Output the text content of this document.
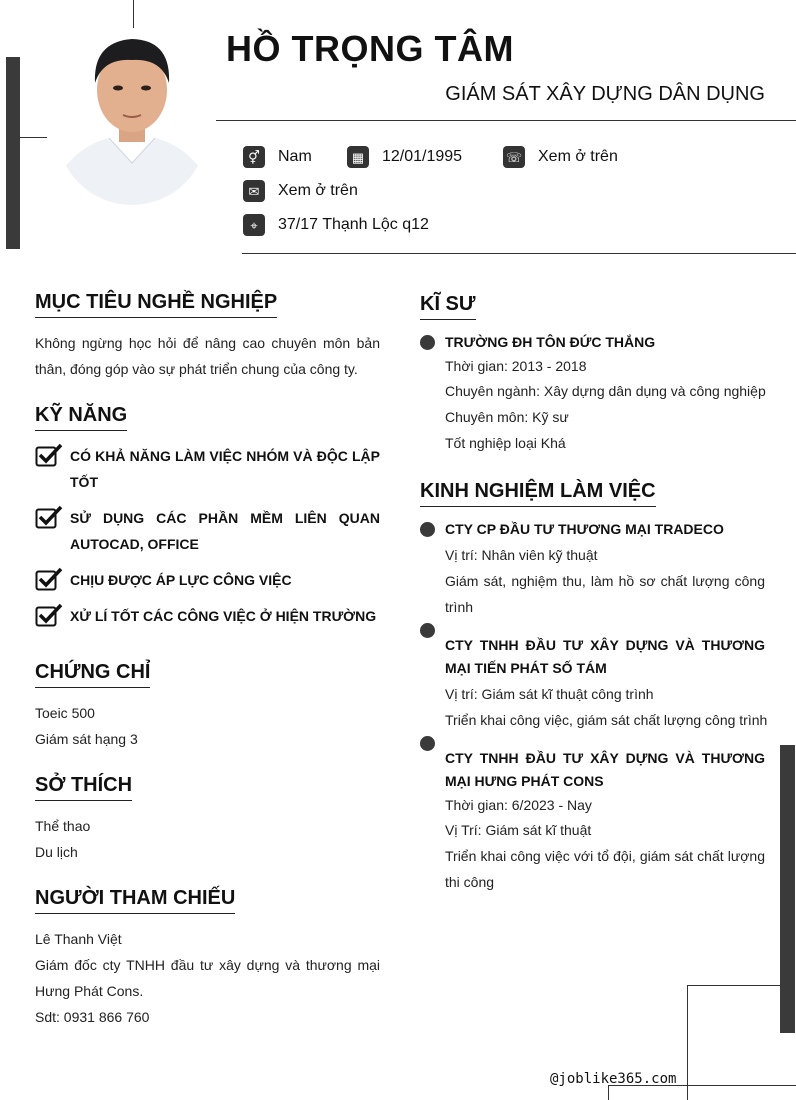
HỒ TRỌNG TÂM
GIÁM SÁT XÂY DỰNG DÂN DỤNG
⚥	Nam	▦	12/01/1995	☏ Xem ở trên
✉	Xem ở trên
⌖	37/17 Thạnh Lộc q12
MỤC TIÊU NGHỀ NGHIỆP
Không ngừng học hỏi để nâng cao chuyên môn bản thân, đóng góp vào sự phát triển chung của công ty.
KỸ NĂNG
CÓ KHẢ NĂNG LÀM VIỆC NHÓM VÀ ĐỘC LẬP TỐT
SỬ DỤNG CÁC PHẦN MỀM LIÊN QUAN AUTOCAD, OFFICE
CHỊU ĐƯỢC ÁP LỰC CÔNG VIỆC
XỬ LÍ TỐT CÁC CÔNG VIỆC Ở HIỆN TRƯỜNG
CHỨNG CHỈ
Toeic 500
Giám sát hạng 3
SỞ THÍCH
Thể thao
Du lịch
NGƯỜI THAM CHIẾU
Lê Thanh Việt
Giám đốc cty TNHH đầu tư xây dựng và thương mại Hưng Phát Cons.
Sdt: 0931 866 760
KĨ SƯ
TRƯỜNG ĐH TÔN ĐỨC THẮNG
Thời gian: 2013 - 2018
Chuyên ngành: Xây dựng dân dụng và công nghiệp
Chuyên môn: Kỹ sư
Tốt nghiệp loại Khá
KINH NGHIỆM LÀM VIỆC
CTY CP ĐẦU TƯ THƯƠNG MẠI TRADECO
Vị trí: Nhân viên kỹ thuật
Giám sát, nghiệm thu, làm hồ sơ chất lượng công trình
CTY TNHH ĐẦU TƯ XÂY DỰNG VÀ THƯƠNG MẠI TIẾN PHÁT SỐ TÁM
Vị trí: Giám sát kĩ thuật công trình
Triển khai công việc, giám sát chất lượng công trình
CTY TNHH ĐẦU TƯ XÂY DỰNG VÀ THƯƠNG MẠI HƯNG PHÁT CONS
Thời gian: 6/2023 - Nay
Vị Trí: Giám sát kĩ thuật
Triển khai công việc với tổ đội, giám sát chất lượng thi công
@joblike365.com
